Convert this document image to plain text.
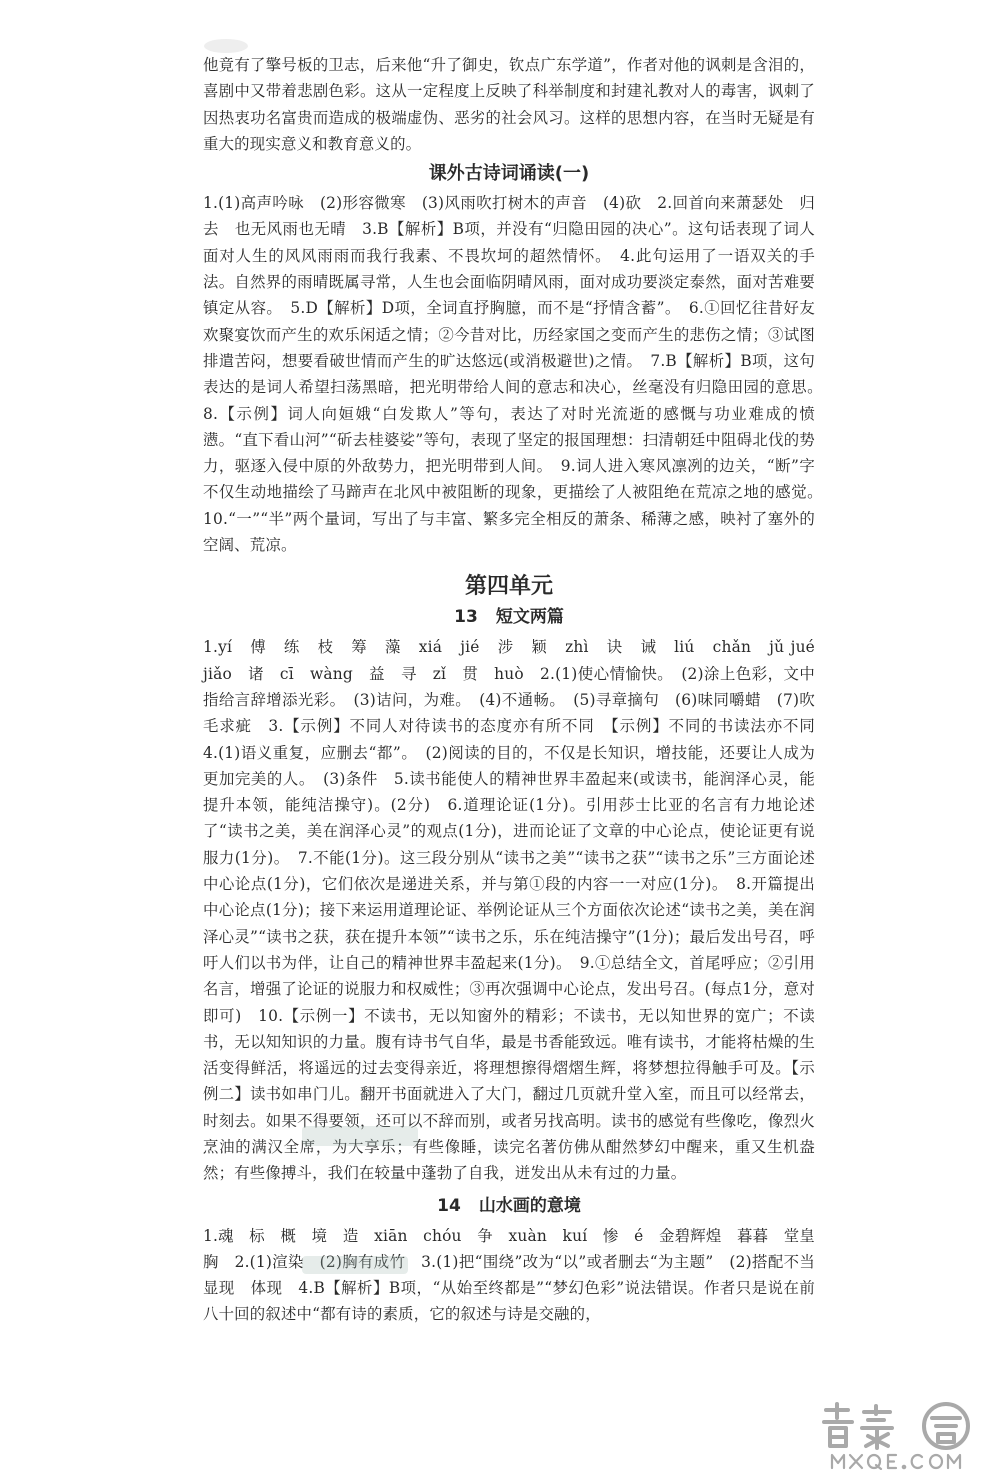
他竟有了擎号板的卫志，后来他“升了御史，钦点广东学道”，作者对他的讽刺是含泪的，喜剧中又带着悲剧色彩。这从一定程度上反映了科举制度和封建礼教对人的毒害，讽刺了因热衷功名富贵而造成的极端虚伪、恶劣的社会风习。这样的思想内容，在当时无疑是有重大的现实意义和教育意义的。

课外古诗词诵读(一)

1.(1)高声吟咏　(2)形容微寒　(3)风雨吹打树木的声音　(4)砍　2.回首向来萧瑟处　归去　也无风雨也无晴　3.B【解析】B项，并没有“归隐田园的决心”。这句话表现了词人面对人生的风风雨雨而我行我素、不畏坎坷的超然情怀。　4.此句运用了一语双关的手法。自然界的雨晴既属寻常，人生也会面临阴晴风雨，面对成功要淡定泰然，面对苦难要镇定从容。　5.D【解析】D项，全词直抒胸臆，而不是“抒情含蓄”。　6.①回忆往昔好友欢聚宴饮而产生的欢乐闲适之情；②今昔对比，历经家国之变而产生的悲伤之情；③试图排遣苦闷，想要看破世情而产生的旷达悠远(或消极避世)之情。　7.B【解析】B项，这句表达的是词人希望扫荡黑暗，把光明带给人间的意志和决心，丝毫没有归隐田园的意思。　8.【示例】词人向姮娥“白发欺人”等句，表达了对时光流逝的感慨与功业难成的愤懑。“直下看山河”“斫去桂婆娑”等句，表现了坚定的报国理想：扫清朝廷中阻碍北伐的势力，驱逐入侵中原的外敌势力，把光明带到人间。　9.词人进入寒风凛冽的边关，“断”字不仅生动地描绘了马蹄声在北风中被阻断的现象，更描绘了人被阻绝在荒凉之地的感觉。　10.“一”“半”两个量词，写出了与丰富、繁多完全相反的萧条、稀薄之感，映衬了塞外的空阔、荒凉。

第四单元
13 短文两篇

1.yí　傅　练　枝　筹　藻　xiá　jié　涉　颖　zhì　诀　诫　liú　chǎn　jǔ jué　jiǎo　诸　cī　wàng　益　寻　zǐ　贯　huò　2.(1)使心情愉快。　(2)涂上色彩，文中指给言辞增添光彩。　(3)诘问，为难。　(4)不通畅。　(5)寻章摘句　(6)味同嚼蜡　(7)吹毛求疵　3.【示例】不同人对待读书的态度亦有所不同　【示例】不同的书读法亦不同　4.(1)语义重复，应删去“都”。　(2)阅读的目的，不仅是长知识，增技能，还要让人成为更加完美的人。　(3)条件　5.读书能使人的精神世界丰盈起来(或读书，能润泽心灵，能提升本领，能纯洁操守)。(2分)　6.道理论证(1分)。引用莎士比亚的名言有力地论述了“读书之美，美在润泽心灵”的观点(1分)，进而论证了文章的中心论点，使论证更有说服力(1分)。　7.不能(1分)。这三段分别从“读书之美”“读书之获”“读书之乐”三方面论述中心论点(1分)，它们依次是递进关系，并与第①段的内容一一对应(1分)。　8.开篇提出中心论点(1分)；接下来运用道理论证、举例论证从三个方面依次论述“读书之美，美在润泽心灵”“读书之获，获在提升本领”“读书之乐，乐在纯洁操守”(1分)；最后发出号召，呼吁人们以书为伴，让自己的精神世界丰盈起来(1分)。　9.①总结全文，首尾呼应；②引用名言，增强了论证的说服力和权威性；③再次强调中心论点，发出号召。(每点1分，意对即可)　10.【示例一】不读书，无以知窗外的精彩；不读书，无以知世界的宽广；不读书，无以知知识的力量。腹有诗书气自华，最是书香能致远。唯有读书，才能将枯燥的生活变得鲜活，将遥远的过去变得亲近，将理想擦得熠熠生辉，将梦想拉得触手可及。【示例二】读书如串门儿。翻开书面就进入了大门，翻过几页就升堂入室，而且可以经常去，时刻去。如果不得要领，还可以不辞而别，或者另找高明。读书的感觉有些像吃，像烈火烹油的满汉全席，为大享乐；有些像睡，读完名著仿佛从酣然梦幻中醒来，重又生机盎然；有些像搏斗，我们在较量中蓬勃了自我，迸发出从未有过的力量。

14 山水画的意境

1.魂　标　概　境　造　xiān　chóu　争　xuàn　kuí　惨　é　金碧辉煌　暮暮　堂皇　胸　2.(1)渲染　(2)胸有成竹　3.(1)把“围绕”改为“以”或者删去“为主题”　(2)搭配不当　显现　体现　4.B【解析】B项，“从始至终都是”“梦幻色彩”说法错误。作者只是说在前八十回的叙述中“都有诗的素质，它的叙述与诗是交融的，
